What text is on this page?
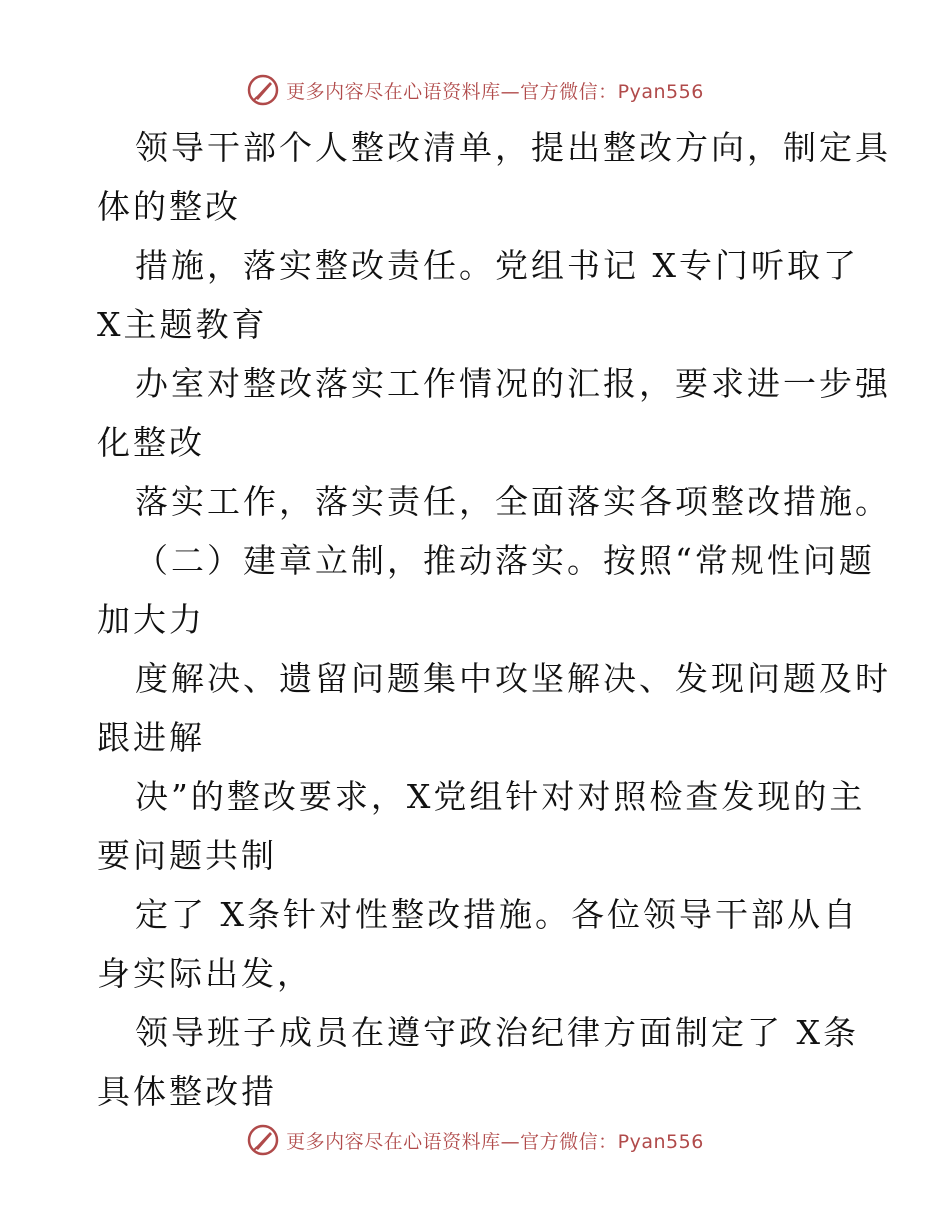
更多内容尽在心语资料库—官方微信：Pyan556
领导干部个人整改清单，提出整改方向，制定具
体的整改
措施，落实整改责任。党组书记 X专门听取了
X主题教育
办室对整改落实工作情况的汇报，要求进一步强
化整改
落实工作，落实责任，全面落实各项整改措施。
（二）建章立制，推动落实。按照“常规性问题
加大力
度解决、遗留问题集中攻坚解决、发现问题及时
跟进解
决”的整改要求，X党组针对对照检查发现的主
要问题共制
定了 X条针对性整改措施。各位领导干部从自
身实际出发，
领导班子成员在遵守政治纪律方面制定了 X条
具体整改措
更多内容尽在心语资料库—官方微信：Pyan556
